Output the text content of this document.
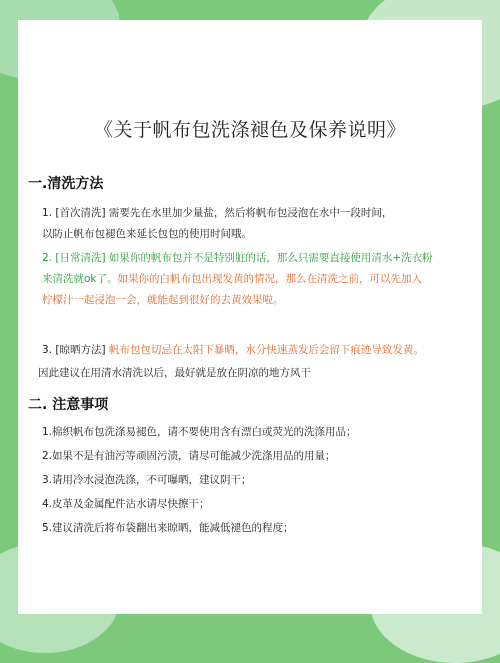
《关于帆布包洗涤褪色及保养说明》
一.清洗方法
1. [首次清洗] 需要先在水里加少量盐，然后将帆布包浸泡在水中一段时间，
以防止帆布包褪色来延长包包的使用时间哦。
2. [日常清洗] 如果你的帆布包并不是特别脏的话，那么只需要直接使用清水+洗衣粉
来清洗就ok了。如果你的白帆布包出现发黄的情况，那么在清洗之前，可以先加入
柠檬汁一起浸泡一会，就能起到很好的去黄效果啦。
3. [晾晒方法] 帆布包包切忌在太阳下暴晒，水分快速蒸发后会留下痕迹导致发黄。
因此建议在用清水清洗以后，最好就是放在阴凉的地方风干
二. 注意事项
1.棉织帆布包洗涤易褪色，请不要使用含有漂白或荧光的洗涤用品；
2.如果不是有油污等顽固污渍，请尽可能减少洗涤用品的用量；
3.请用冷水浸泡洗涤，不可曝晒，建议阴干；
4.皮革及金属配件沾水请尽快擦干；
5.建议清洗后将布袋翻出来晾晒，能减低褪色的程度；
